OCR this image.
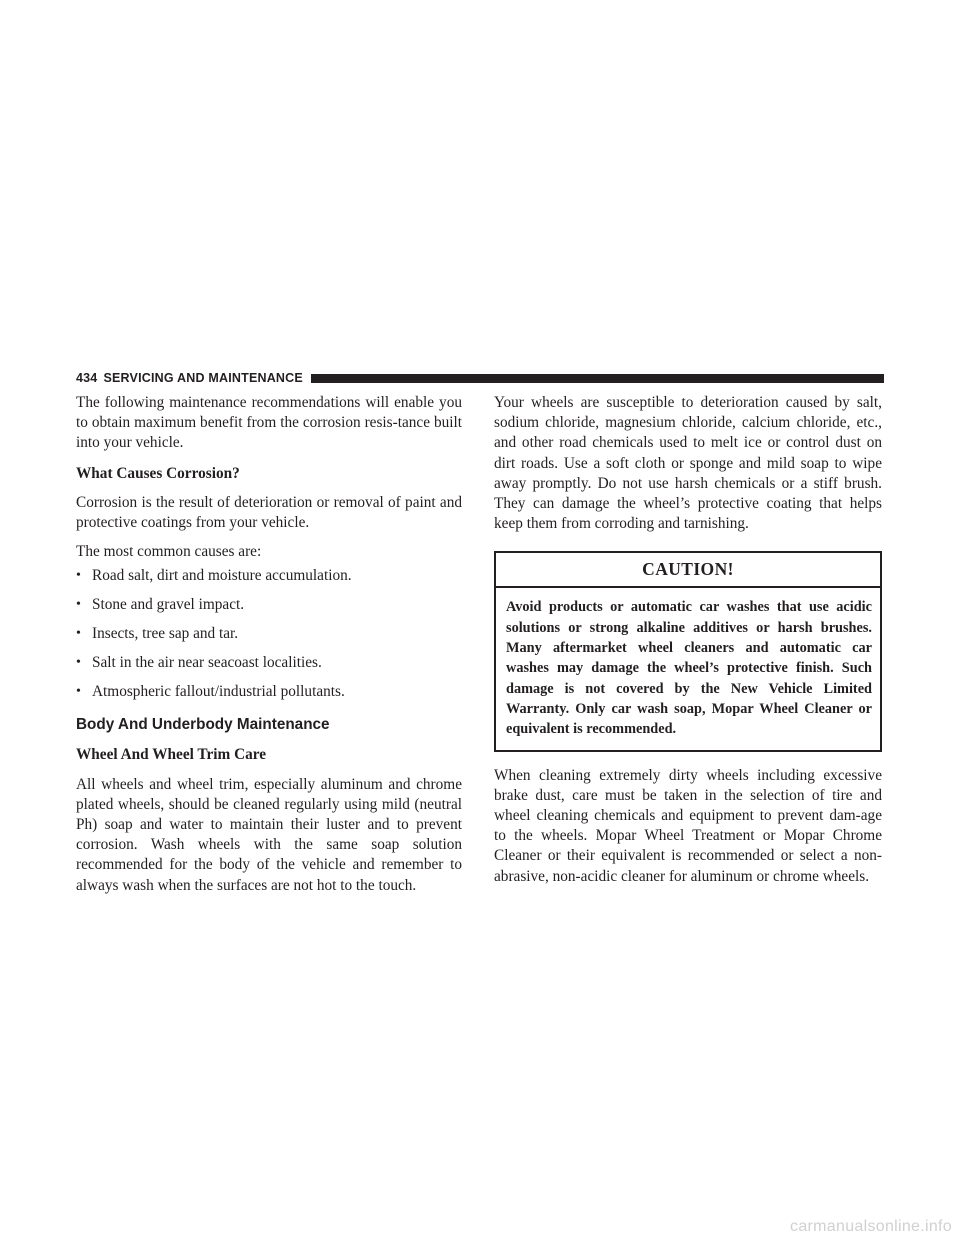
434 SERVICING AND MAINTENANCE

The following maintenance recommendations will enable you to obtain maximum benefit from the corrosion resis-tance built into your vehicle.

What Causes Corrosion?

Corrosion is the result of deterioration or removal of paint and protective coatings from your vehicle.

The most common causes are:

• Road salt, dirt and moisture accumulation.
• Stone and gravel impact.
• Insects, tree sap and tar.
• Salt in the air near seacoast localities.
• Atmospheric fallout/industrial pollutants.
Body And Underbody Maintenance
Wheel And Wheel Trim Care

All wheels and wheel trim, especially aluminum and chrome plated wheels, should be cleaned regularly using mild (neutral Ph) soap and water to maintain their luster and to prevent corrosion. Wash wheels with the same soap solution recommended for the body of the vehicle and remember to always wash when the surfaces are not hot to the touch.

Your wheels are susceptible to deterioration caused by salt, sodium chloride, magnesium chloride, calcium chloride, etc., and other road chemicals used to melt ice or control dust on dirt roads. Use a soft cloth or sponge and mild soap to wipe away promptly. Do not use harsh chemicals or a stiff brush. They can damage the wheel’s protective coating that helps keep them from corroding and tarnishing.

CAUTION!
Avoid products or automatic car washes that use acidic solutions or strong alkaline additives or harsh brushes. Many aftermarket wheel cleaners and automatic car washes may damage the wheel’s protective finish. Such damage is not covered by the New Vehicle Limited Warranty. Only car wash soap, Mopar Wheel Cleaner or equivalent is recommended.

When cleaning extremely dirty wheels including excessive brake dust, care must be taken in the selection of tire and wheel cleaning chemicals and equipment to prevent dam-age to the wheels. Mopar Wheel Treatment or Mopar Chrome Cleaner or their equivalent is recommended or select a non-abrasive, non-acidic cleaner for aluminum or chrome wheels.

carmanualsonline.info
